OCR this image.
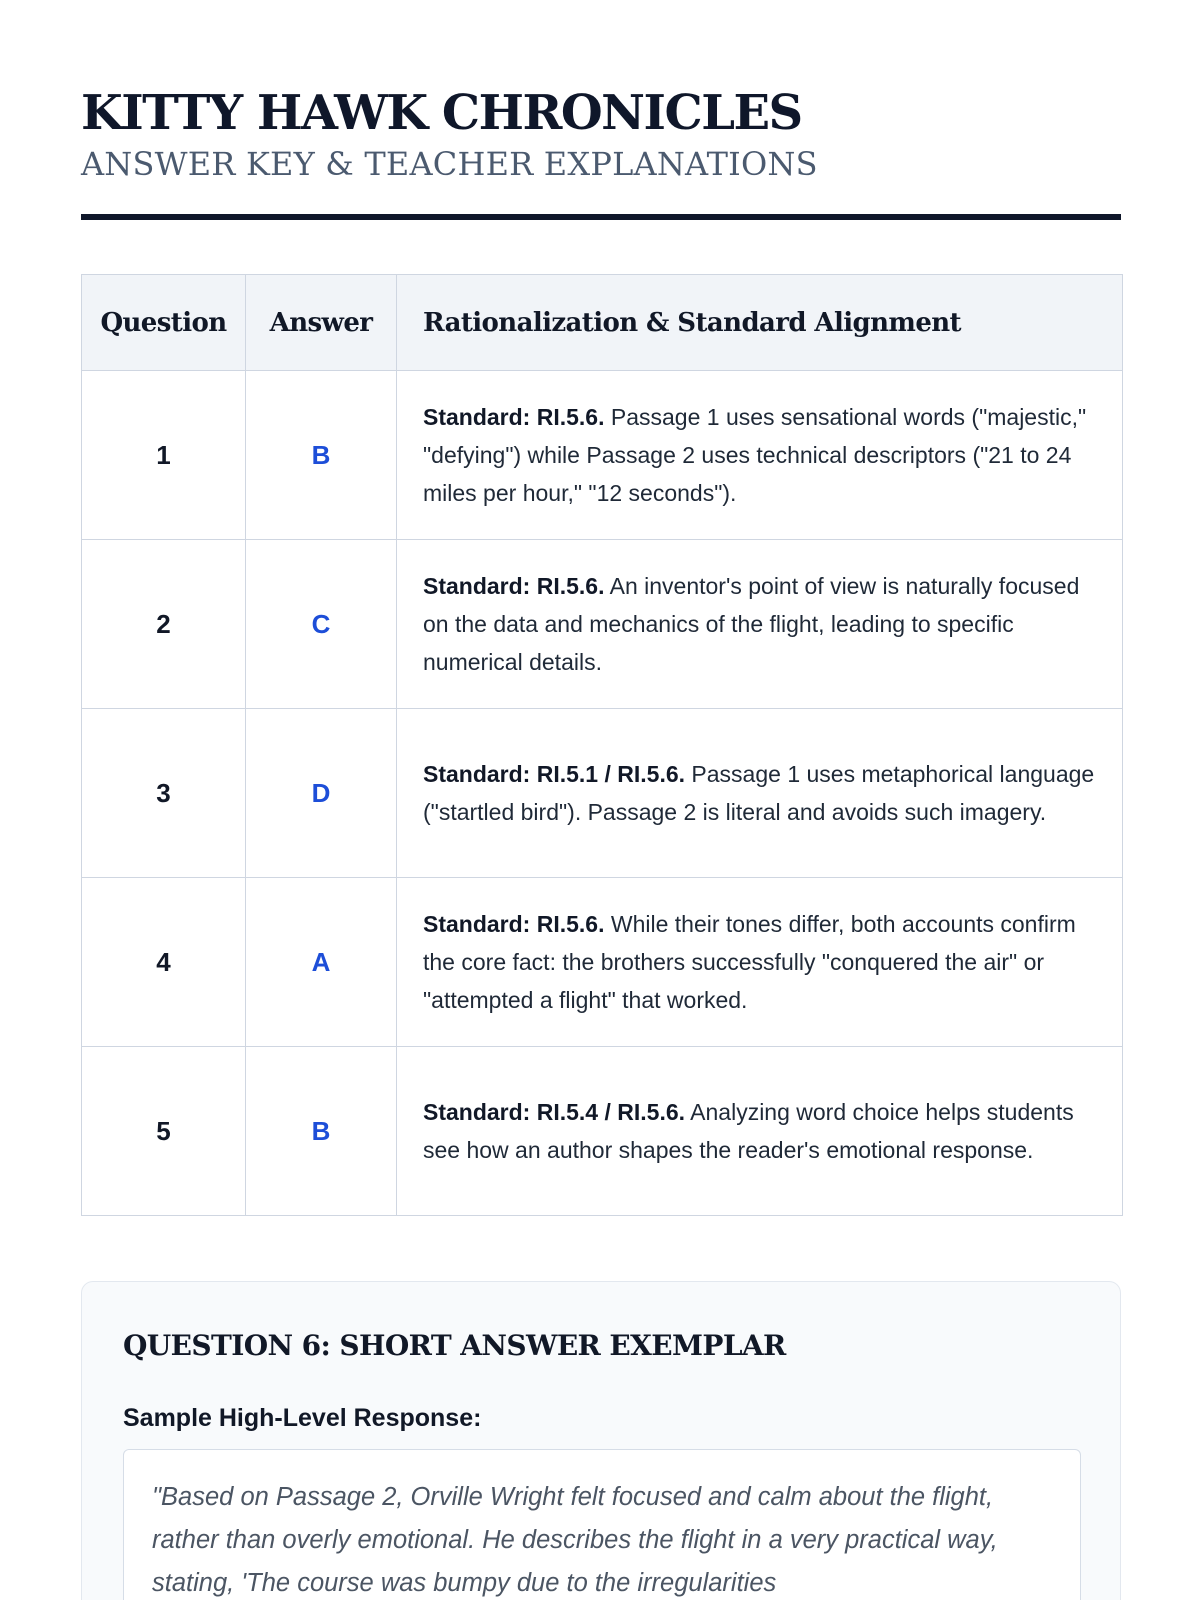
KITTY HAWK CHRONICLES
ANSWER KEY & TEACHER EXPLANATIONS
Question	Answer	Rationalization & Standard Alignment
1	B	Standard: RI.5.6. Passage 1 uses sensational words ("majestic," "defying") while Passage 2 uses technical descriptors ("21 to 24 miles per hour," "12 seconds").
2	C	Standard: RI.5.6. An inventor's point of view is naturally focused on the data and mechanics of the flight, leading to specific numerical details.
3	D	Standard: RI.5.1 / RI.5.6. Passage 1 uses metaphorical language ("startled bird"). Passage 2 is literal and avoids such imagery.
4	A	Standard: RI.5.6. While their tones differ, both accounts confirm the core fact: the brothers successfully "conquered the air" or "attempted a flight" that worked.
5	B	Standard: RI.5.4 / RI.5.6. Analyzing word choice helps students see how an author shapes the reader's emotional response.
QUESTION 6: SHORT ANSWER EXEMPLAR

Sample High-Level Response:

"Based on Passage 2, Orville Wright felt focused and calm about the flight, rather than overly emotional. He describes the flight in a very practical way, stating, 'The course was bumpy due to the irregularities
